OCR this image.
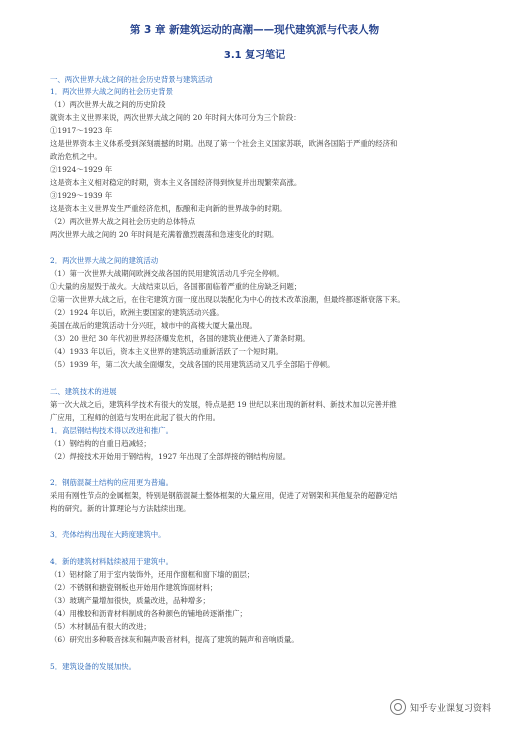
第 3 章 新建筑运动的高潮——现代建筑派与代表人物
3.1 复习笔记
一、两次世界大战之间的社会历史背景与建筑活动
1．两次世界大战之间的社会历史背景
（1）两次世界大战之间的历史阶段
就资本主义世界来说，两次世界大战之间的 20 年时间大体可分为三个阶段：
①1917～1923 年
这是世界资本主义体系受到深刻震撼的时期。出现了第一个社会主义国家苏联，欧洲各国陷于严重的经济和
政治危机之中。
②1924～1929 年
这是资本主义相对稳定的时期，资本主义各国经济得到恢复并出现繁荣高涨。
③1929～1939 年
这是资本主义世界发生严重经济危机，酝酿和走向新的世界战争的时期。
（2）两次世界大战之间社会历史的总体特点
两次世界大战之间的 20 年时间是充满着激烈震荡和急速变化的时期。
2．两次世界大战之间的建筑活动
（1）第一次世界大战期间欧洲交战各国的民用建筑活动几乎完全停顿。
①大量的房屋毁于战火。大战结束以后，各国都面临着严重的住房缺乏问题；
②第一次世界大战之后，在住宅建筑方面一度出现以装配化为中心的技术改革浪潮，但最终都逐渐衰落下来。
（2）1924 年以后，欧洲主要国家的建筑活动兴盛。
美国在战后的建筑活动十分兴旺，城市中的高楼大厦大量出现。
（3）20 世纪 30 年代初世界经济爆发危机，各国的建筑业便进入了萧条时期。
（4）1933 年以后，资本主义世界的建筑活动重新活跃了一个短时期。
（5）1939 年，第二次大战全面爆发，交战各国的民用建筑活动又几乎全部陷于停顿。
二、建筑技术的进展
第一次大战之后，建筑科学技术有很大的发展，特点是把 19 世纪以来出现的新材料、新技术加以完善并推
广应用，工程师的创造与发明在此起了很大的作用。
1．高层钢结构技术得以改进和推广。
（1）钢结构的自重日趋减轻；
（2）焊接技术开始用于钢结构，1927 年出现了全部焊接的钢结构房屋。
2．钢筋混凝土结构的应用更为普遍。
采用有刚性节点的金属框架，特别是钢筋混凝土整体框架的大量应用，促进了对钢架和其他复杂的超静定结
构的研究。新的计算理论与方法陆续出现。
3．壳体结构出现在大跨度建筑中。
4．新的建筑材料陆续被用于建筑中。
（1）铝材除了用于室内装饰外，还用作窗框和窗下墙的面层；
（2）不锈钢和搪瓷钢板也开始用作建筑饰面材料；
（3）玻璃产量增加很快，质量改进，品种增多；
（4）用橡胶和沥青材料制成的各种颜色的铺地砖逐渐推广；
（5）木材制品有很大的改进；
（6）研究出多种吸音抹灰和隔声吸音材料，提高了建筑的隔声和音响质量。
5．建筑设备的发展加快。
知乎专业课复习资料
